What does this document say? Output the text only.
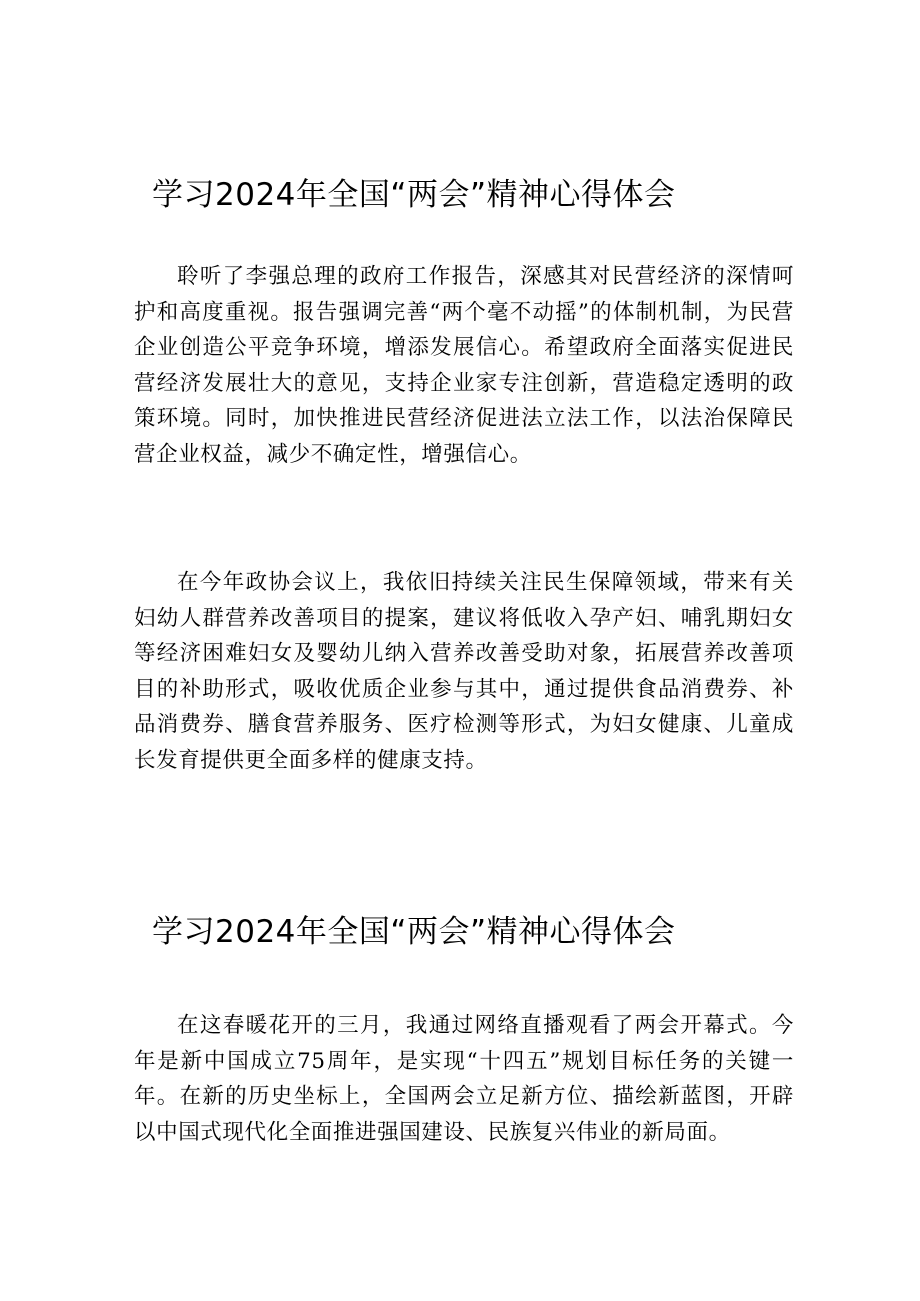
学习2024年全国“两会”精神心得体会

聆听了李强总理的政府工作报告，深感其对民营经济的深情呵护和高度重视。报告强调完善“两个毫不动摇”的体制机制，为民营企业创造公平竞争环境，增添发展信心。希望政府全面落实促进民营经济发展壮大的意见，支持企业家专注创新，营造稳定透明的政策环境。同时，加快推进民营经济促进法立法工作，以法治保障民营企业权益，减少不确定性，增强信心。

在今年政协会议上，我依旧持续关注民生保障领域，带来有关妇幼人群营养改善项目的提案，建议将低收入孕产妇、哺乳期妇女等经济困难妇女及婴幼儿纳入营养改善受助对象，拓展营养改善项目的补助形式，吸收优质企业参与其中，通过提供食品消费券、补品消费券、膳食营养服务、医疗检测等形式，为妇女健康、儿童成长发育提供更全面多样的健康支持。

学习2024年全国“两会”精神心得体会

在这春暖花开的三月，我通过网络直播观看了两会开幕式。今年是新中国成立75周年，是实现“十四五”规划目标任务的关键一年。在新的历史坐标上，全国两会立足新方位、描绘新蓝图，开辟以中国式现代化全面推进强国建设、民族复兴伟业的新局面。
